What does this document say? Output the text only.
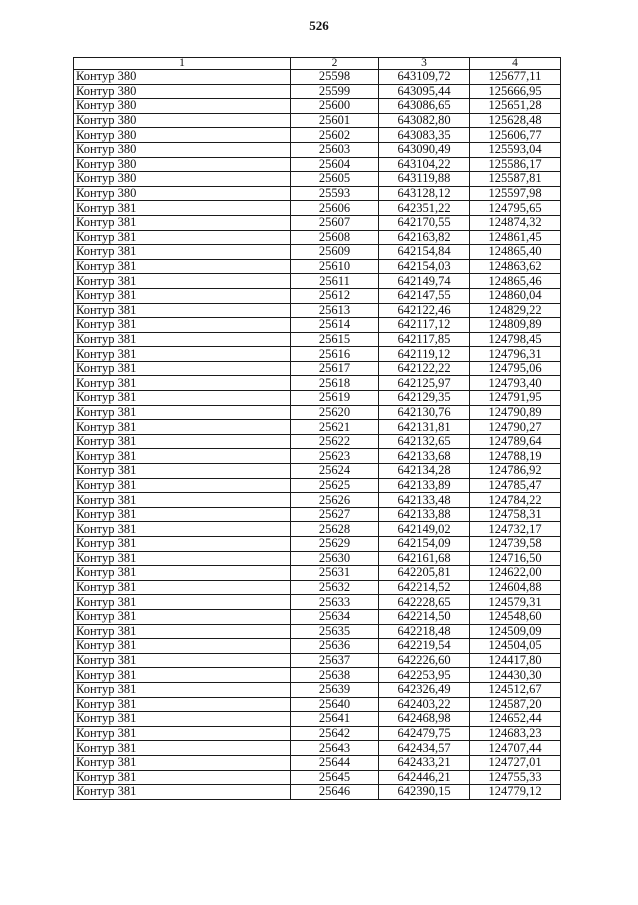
526
1	2	3	4
Контур 380	25598	643109,72	125677,11
Контур 380	25599	643095,44	125666,95
Контур 380	25600	643086,65	125651,28
Контур 380	25601	643082,80	125628,48
Контур 380	25602	643083,35	125606,77
Контур 380	25603	643090,49	125593,04
Контур 380	25604	643104,22	125586,17
Контур 380	25605	643119,88	125587,81
Контур 380	25593	643128,12	125597,98
Контур 381	25606	642351,22	124795,65
Контур 381	25607	642170,55	124874,32
Контур 381	25608	642163,82	124861,45
Контур 381	25609	642154,84	124865,40
Контур 381	25610	642154,03	124863,62
Контур 381	25611	642149,74	124865,46
Контур 381	25612	642147,55	124860,04
Контур 381	25613	642122,46	124829,22
Контур 381	25614	642117,12	124809,89
Контур 381	25615	642117,85	124798,45
Контур 381	25616	642119,12	124796,31
Контур 381	25617	642122,22	124795,06
Контур 381	25618	642125,97	124793,40
Контур 381	25619	642129,35	124791,95
Контур 381	25620	642130,76	124790,89
Контур 381	25621	642131,81	124790,27
Контур 381	25622	642132,65	124789,64
Контур 381	25623	642133,68	124788,19
Контур 381	25624	642134,28	124786,92
Контур 381	25625	642133,89	124785,47
Контур 381	25626	642133,48	124784,22
Контур 381	25627	642133,88	124758,31
Контур 381	25628	642149,02	124732,17
Контур 381	25629	642154,09	124739,58
Контур 381	25630	642161,68	124716,50
Контур 381	25631	642205,81	124622,00
Контур 381	25632	642214,52	124604,88
Контур 381	25633	642228,65	124579,31
Контур 381	25634	642214,50	124548,60
Контур 381	25635	642218,48	124509,09
Контур 381	25636	642219,54	124504,05
Контур 381	25637	642226,60	124417,80
Контур 381	25638	642253,95	124430,30
Контур 381	25639	642326,49	124512,67
Контур 381	25640	642403,22	124587,20
Контур 381	25641	642468,98	124652,44
Контур 381	25642	642479,75	124683,23
Контур 381	25643	642434,57	124707,44
Контур 381	25644	642433,21	124727,01
Контур 381	25645	642446,21	124755,33
Контур 381	25646	642390,15	124779,12
